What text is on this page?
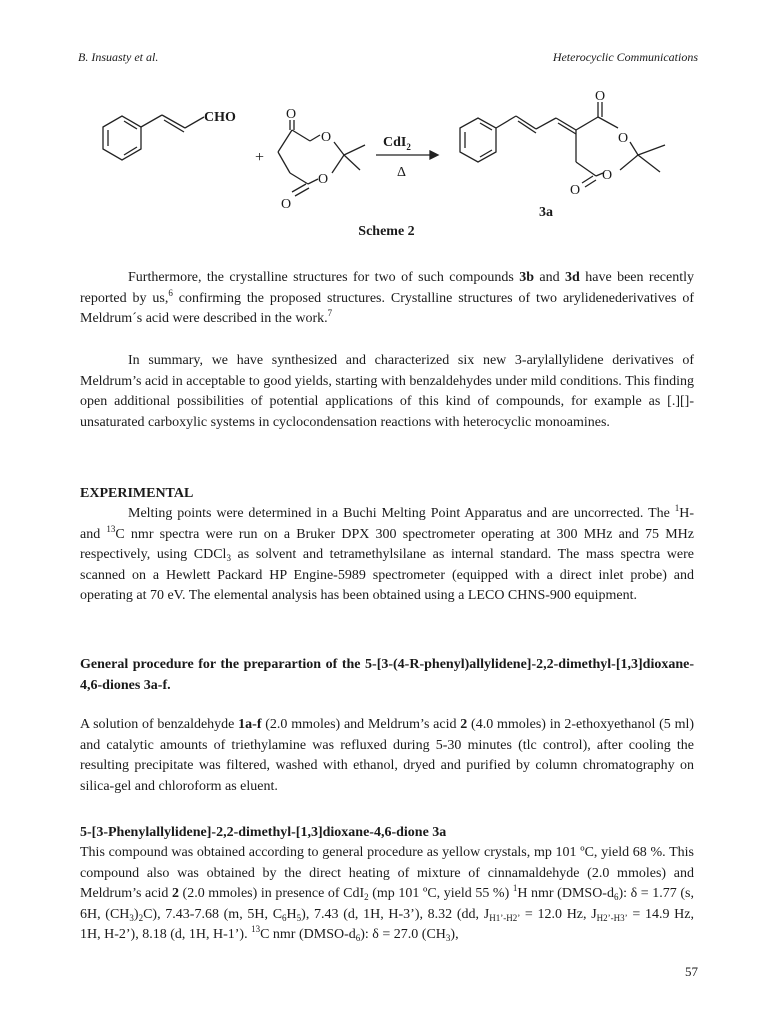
B. Insuasty et al.	Heterocyclic Communications
CHO
+
O
O
O
O
CdI$_2$
Δ
O
O
O
O
3a
Scheme 2
Furthermore, the crystalline structures for two of such compounds 3b and 3d have been recently reported by us,$^6$ confirming the proposed structures. Crystalline structures of two arylidenederivatives of Meldrum´s acid were described in the work.$^7$
In summary, we have synthesized and characterized six new 3-arylallylidene derivatives of Meldrum’s acid in acceptable to good yields, starting with benzaldehydes under mild conditions. This finding open additional possibilities of potential applications of this kind of compounds, for example as [.][]-unsaturated carboxylic systems in cyclocondensation reactions with heterocyclic monoamines.
EXPERIMENTAL
Melting points were determined in a Buchi Melting Point Apparatus and are uncorrected. The $^1$H- and $^{13}$C nmr spectra were run on a Bruker DPX 300 spectrometer operating at 300 MHz and 75 MHz respectively, using CDCl$_3$ as solvent and tetramethylsilane as internal standard. The mass spectra were scanned on a Hewlett Packard HP Engine-5989 spectrometer (equipped with a direct inlet probe) and operating at 70 eV. The elemental analysis has been obtained using a LECO CHNS-900 equipment.
General procedure for the preparartion of the 5-[3-(4-R-phenyl)allylidene]-2,2-dimethyl-[1,3]dioxane-4,6-diones 3a-f.
A solution of benzaldehyde 1a-f (2.0 mmoles) and Meldrum’s acid 2 (4.0 mmoles) in 2-ethoxyethanol (5 ml) and catalytic amounts of triethylamine was refluxed during 5-30 minutes (tlc control), after cooling the resulting precipitate was filtered, washed with ethanol, dryed and purified by column chromatography on silica-gel and chloroform as eluent.
5-[3-Phenylallylidene]-2,2-dimethyl-[1,3]dioxane-4,6-dione 3a
This compound was obtained according to general procedure as yellow crystals, mp 101 ºC, yield 68 %. This compound also was obtained by the direct heating of mixture of cinnamaldehyde (2.0 mmoles) and Meldrum’s acid 2 (2.0 mmoles) in presence of CdI$_2$ (mp 101 ºC, yield 55 %) $^1$H nmr $(DMSO-d_6)$: δ = 1.77 (s, 6H, $(CH_3)_2C$), 7.43-7.68 (m, 5H, $C_6H_5$), 7.43 (d, 1H, H-3’), 8.32 (dd, $J_{H1’-H2’} = 12.0$ Hz, $J_{H2’-H3’} = 14.9$ Hz, 1H, H-2’), 8.18 (d, 1H, H-1’). $^{13}$C nmr $(DMSO-d_6)$: δ = 27.0 $(CH_3)$,
57
